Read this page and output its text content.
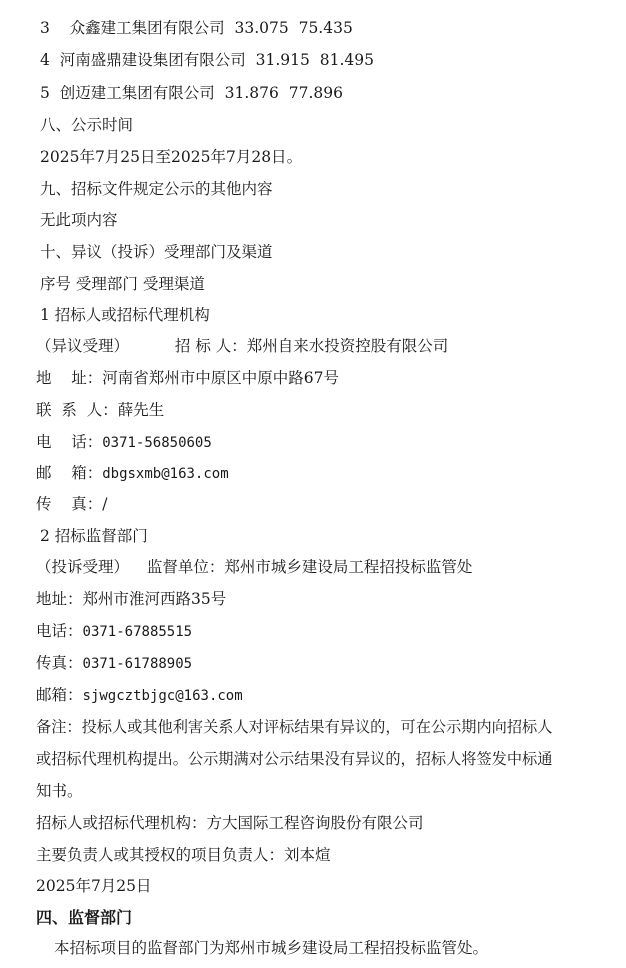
3 众鑫建工集团有限公司 33.075 75.435
4 河南盛鼎建设集团有限公司 31.915 81.495
5 创迈建工集团有限公司 31.876 77.896
八、公示时间
2025年7月25日至2025年7月28日。
九、招标文件规定公示的其他内容
无此项内容
十、异议（投诉）受理部门及渠道
序号 受理部门 受理渠道
1 招标人或招标代理机构
（异议受理）	招 标 人：郑州自来水投资控股有限公司
地    址：河南省郑州市中原区中原中路67号
联  系  人：薛先生
电    话：0371-56850605
邮    箱：dbgsxmb@163.com
传    真：/
2 招标监督部门
（投诉受理） 监督单位：郑州市城乡建设局工程招投标监管处
地址：郑州市淮河西路35号
电话：0371-67885515
传真：0371-61788905
邮箱：sjwgcztbjgc@163.com
备注：投标人或其他利害关系人对评标结果有异议的，可在公示期内向招标人
或招标代理机构提出。公示期满对公示结果没有异议的，招标人将签发中标通
知书。
招标人或招标代理机构：方大国际工程咨询股份有限公司
主要负责人或其授权的项目负责人：刘本煊
2025年7月25日
四、监督部门
本招标项目的监督部门为郑州市城乡建设局工程招投标监管处。
